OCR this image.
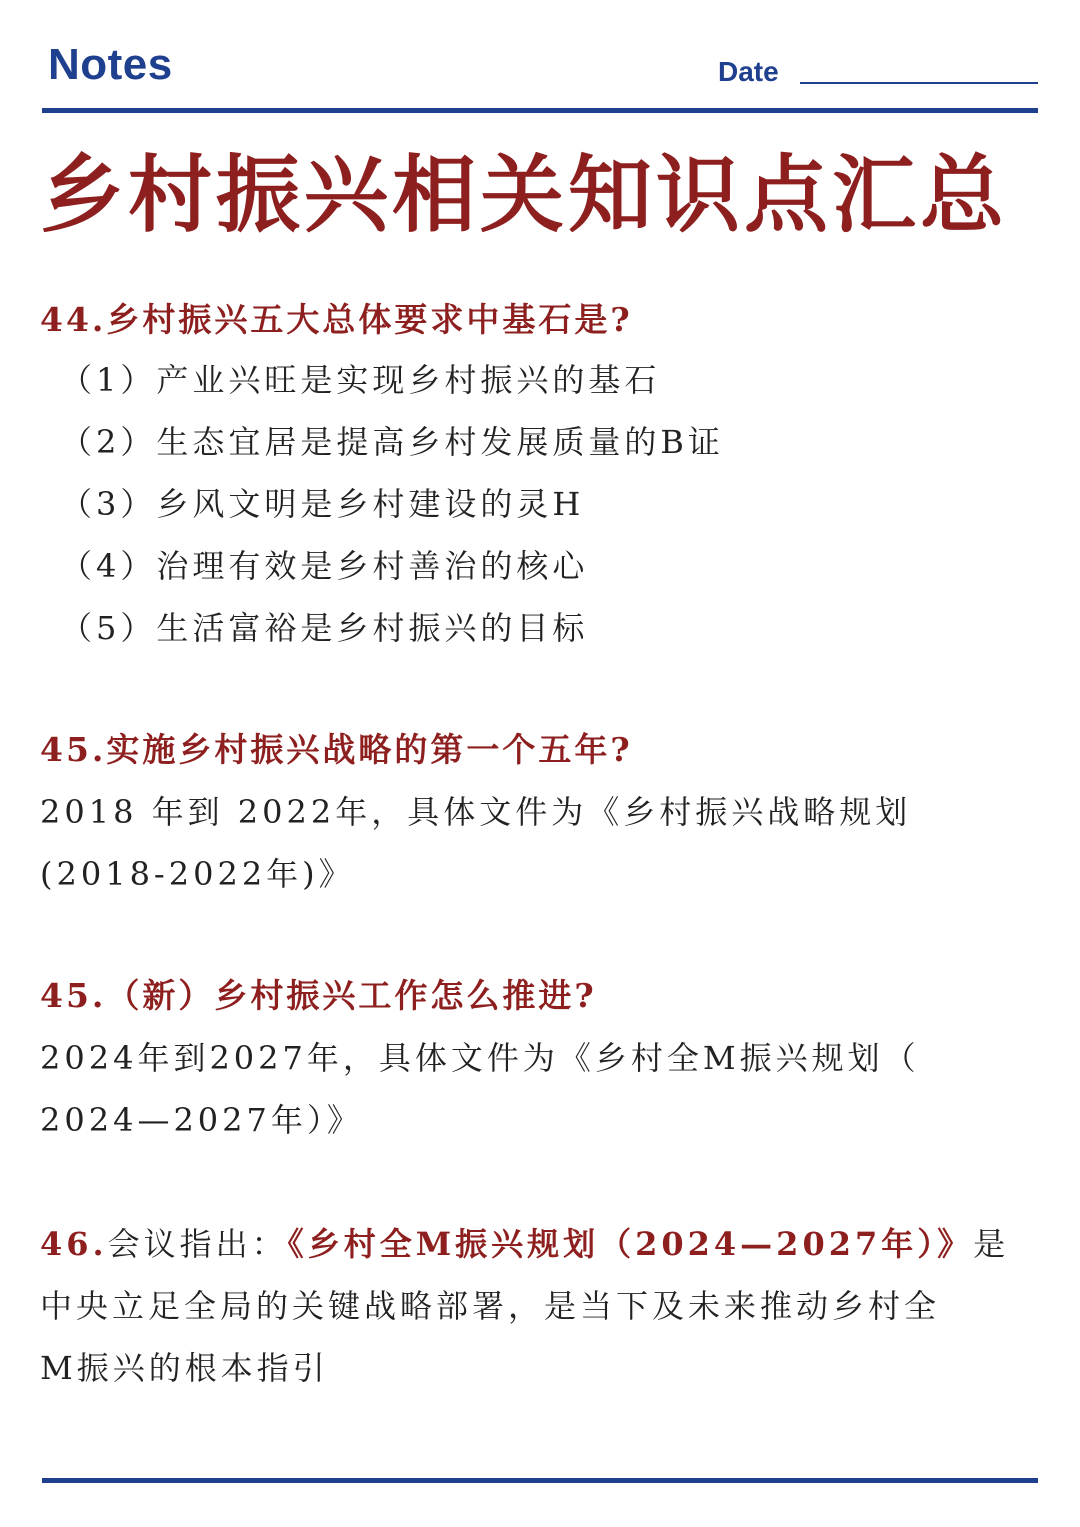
Notes	Date
乡村振兴相关知识点汇总
44.乡村振兴五大总体要求中基石是?
（1）产业兴旺是实现乡村振兴的基石
（2）生态宜居是提高乡村发展质量的B证
（3）乡风文明是乡村建设的灵H
（4）治理有效是乡村善治的核心
（5）生活富裕是乡村振兴的目标
45.实施乡村振兴战略的第一个五年?
2018 年到 2022年，具体文件为《乡村振兴战略规划
(2018-2022年)》
45.（新）乡村振兴工作怎么推进?
2024年到2027年，具体文件为《乡村全M振兴规划（
2024—2027年）》
46.会议指出：《乡村全M振兴规划（2024—2027年）》是
中央立足全局的关键战略部署，是当下及未来推动乡村全
M振兴的根本指引
